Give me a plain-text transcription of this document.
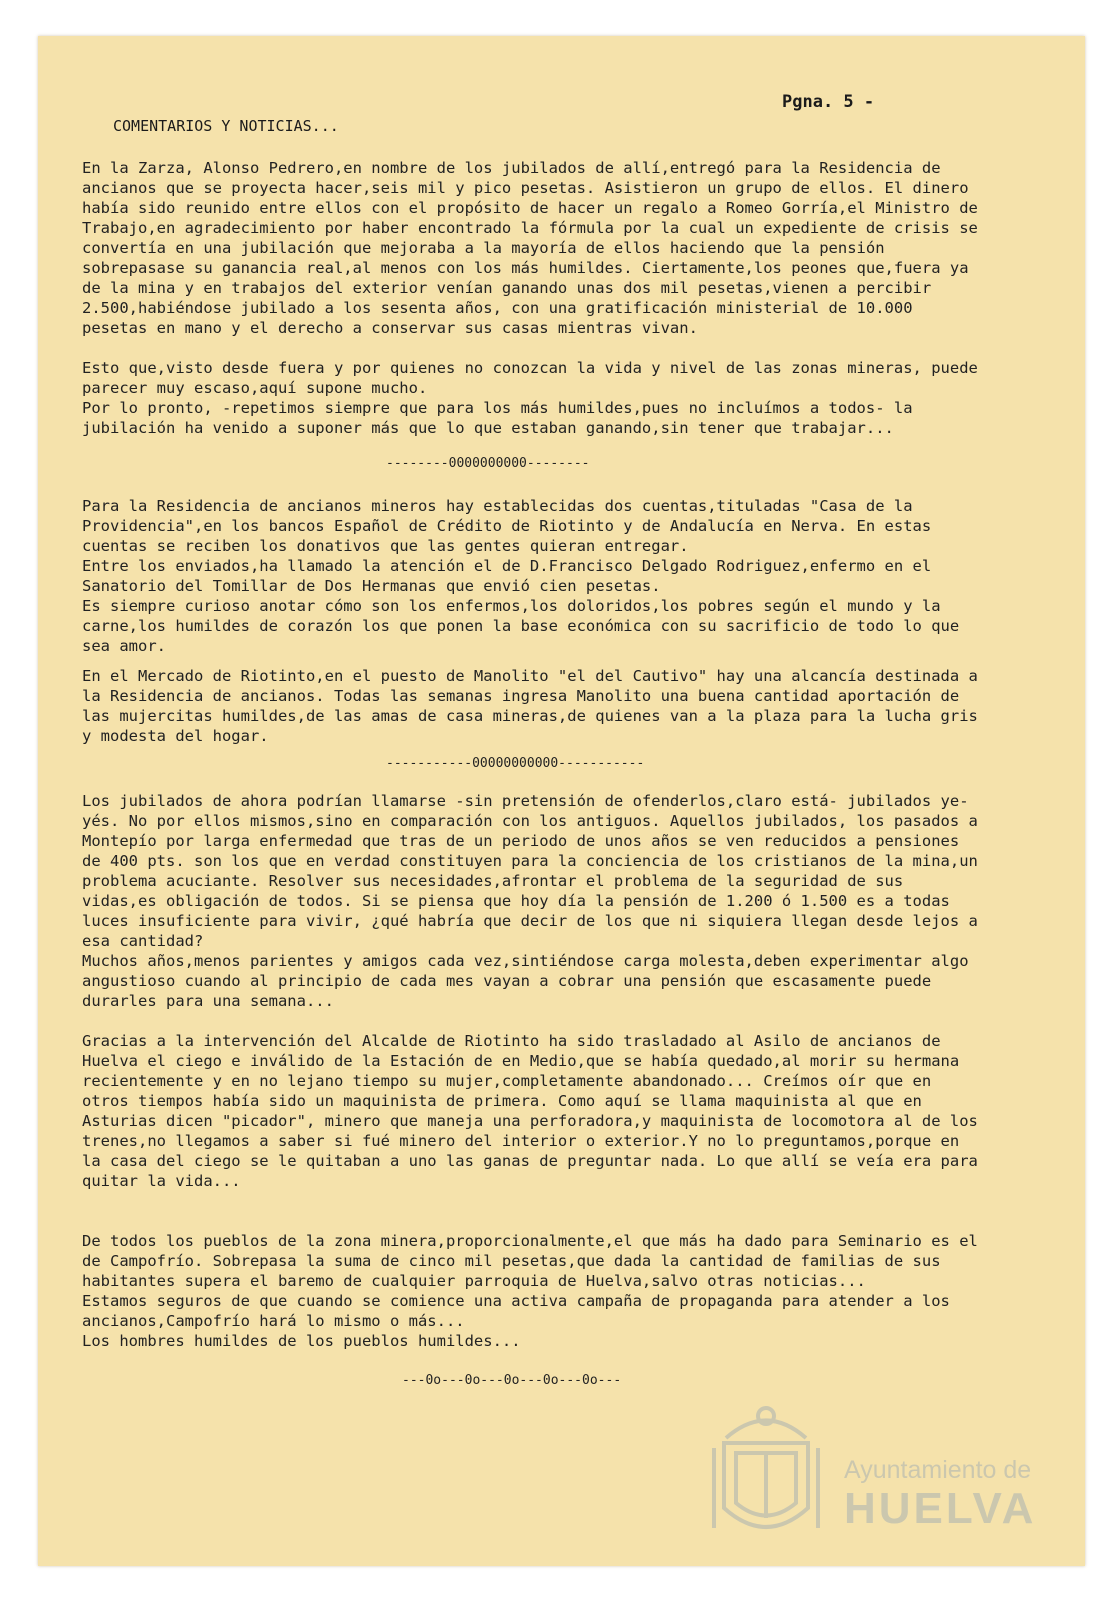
Pgna. 5 -
COMENTARIOS Y NOTICIAS...

En la Zarza, Alonso Pedrero,en nombre de los jubilados de allí,entregó para la Residencia de ancianos que se proyecta hacer,seis mil y pico pesetas. Asistieron un grupo de ellos. El dinero había sido reunido entre ellos con el propósito de hacer un regalo a Romeo Gorría,el Ministro de Trabajo,en agradecimiento por haber encontrado la fórmula por la cual un expediente de crisis se convertía en una jubilación que mejoraba a la mayoría de ellos haciendo que la pensión sobrepasase su ganancia real,al menos con los más humildes. Ciertamente,los peones que,fuera ya de la mina y en trabajos del exterior venían ganando unas dos mil pesetas,vienen a percibir 2.500,habiéndose jubilado a los sesenta años, con una gratificación ministerial de 10.000 pesetas en mano y el derecho a conservar sus casas mientras vivan.

Esto que,visto desde fuera y por quienes no conozcan la vida y nivel de las zonas mineras, puede parecer muy escaso,aquí supone mucho.

Por lo pronto, -repetimos siempre que para los más humildes,pues no incluímos a todos- la jubilación ha venido a suponer más que lo que estaban ganando,sin tener que trabajar...

--------0000000000--------

Para la Residencia de ancianos mineros hay establecidas dos cuentas,tituladas "Casa de la Providencia",en los bancos Español de Crédito de Riotinto y de Andalucía en Nerva. En estas cuentas se reciben los donativos que las gentes quieran entregar.

Entre los enviados,ha llamado la atención el de D.Francisco Delgado Rodriguez,enfermo en el Sanatorio del Tomillar de Dos Hermanas que envió cien pesetas.

Es siempre curioso anotar cómo son los enfermos,los doloridos,los pobres según el mundo y la carne,los humildes de corazón los que ponen la base económica con su sacrificio de todo lo que sea amor.

En el Mercado de Riotinto,en el puesto de Manolito "el del Cautivo" hay una alcancía destinada a la Residencia de ancianos. Todas las semanas ingresa Manolito una buena cantidad aportación de las mujercitas humildes,de las amas de casa mineras,de quienes van a la plaza para la lucha gris y modesta del hogar.

-----------00000000000-----------

Los jubilados de ahora podrían llamarse -sin pretensión de ofenderlos,claro está- jubilados ye-yés. No por ellos mismos,sino en comparación con los antiguos. Aquellos jubilados, los pasados a Montepío por larga enfermedad que tras de un periodo de unos años se ven reducidos a pensiones de 400 pts. son los que en verdad constituyen para la conciencia de los cristianos de la mina,un problema acuciante. Resolver sus necesidades,afrontar el problema de la seguridad de sus vidas,es obligación de todos. Si se piensa que hoy día la pensión de 1.200 ó 1.500 es a todas luces insuficiente para vivir, ¿qué habría que decir de los que ni siquiera llegan desde lejos a esa cantidad?

Muchos años,menos parientes y amigos cada vez,sintiéndose carga molesta,deben experimentar algo angustioso cuando al principio de cada mes vayan a cobrar una pensión que escasamente puede durarles para una semana...

Gracias a la intervención del Alcalde de Riotinto ha sido trasladado al Asilo de ancianos de Huelva el ciego e inválido de la Estación de en Medio,que se había quedado,al morir su hermana recientemente y en no lejano tiempo su mujer,completamente abandonado... Creímos oír que en otros tiempos había sido un maquinista de primera. Como aquí se llama maquinista al que en Asturias dicen "picador", minero que maneja una perforadora,y maquinista de locomotora al de los trenes,no llegamos a saber si fué minero del interior o exterior.Y no lo preguntamos,porque en la casa del ciego se le quitaban a uno las ganas de preguntar nada. Lo que allí se veía era para quitar la vida...

De todos los pueblos de la zona minera,proporcionalmente,el que más ha dado para Seminario es el de Campofrío. Sobrepasa la suma de cinco mil pesetas,que dada la cantidad de familias de sus habitantes supera el baremo de cualquier parroquia de Huelva,salvo otras noticias...

Estamos seguros de que cuando se comience una activa campaña de propaganda para atender a los ancianos,Campofrío hará lo mismo o más...

Los hombres humildes de los pueblos humildes...

---0o---0o---0o---0o---0o---
Ayuntamiento de
HUELVA
